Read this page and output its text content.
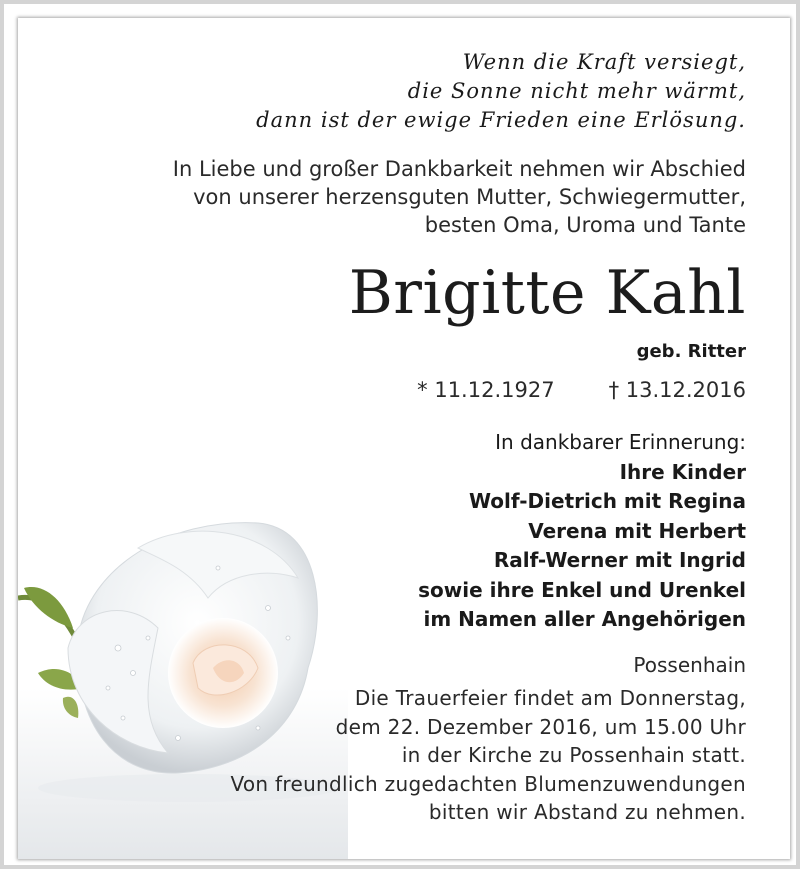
Wenn die Kraft versiegt,
die Sonne nicht mehr wärmt,
dann ist der ewige Frieden eine Erlösung.
In Liebe und großer Dankbarkeit nehmen wir Abschied
von unserer herzensguten Mutter, Schwiegermutter,
besten Oma, Uroma und Tante
Brigitte Kahl
geb. Ritter
* 11.12.1927	† 13.12.2016
In dankbarer Erinnerung:
Ihre Kinder
Wolf-Dietrich mit Regina
Verena mit Herbert
Ralf-Werner mit Ingrid
sowie ihre Enkel und Urenkel
im Namen aller Angehörigen
Possenhain
Die Trauerfeier findet am Donnerstag,
dem 22. Dezember 2016, um 15.00 Uhr
in der Kirche zu Possenhain statt.
Von freundlich zugedachten Blumenzuwendungen
bitten wir Abstand zu nehmen.
